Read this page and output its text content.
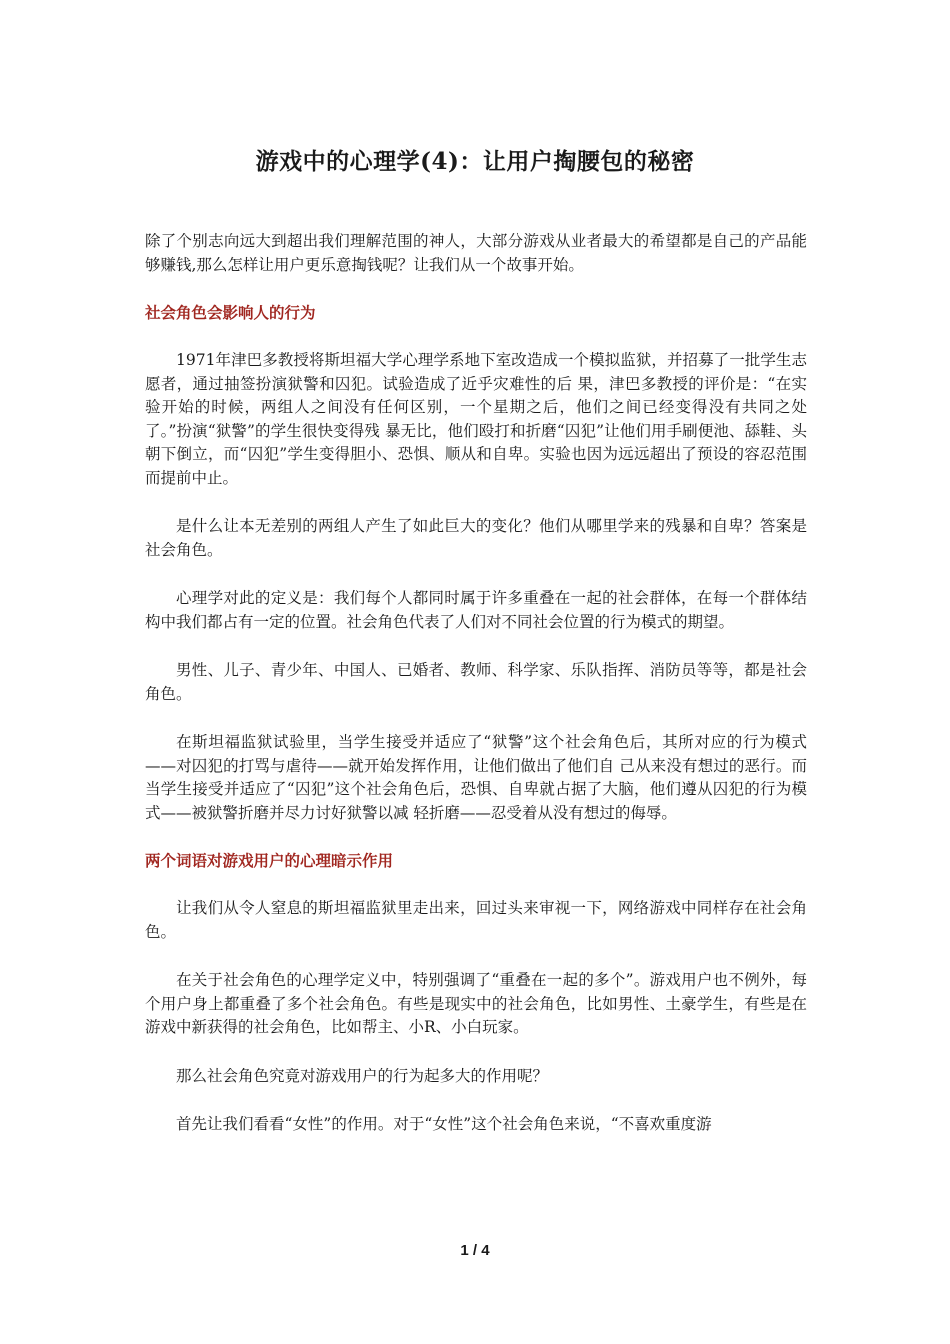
游戏中的心理学(4)：让用户掏腰包的秘密

除了个别志向远大到超出我们理解范围的神人，大部分游戏从业者最大的希望都是自己的产品能够赚钱,那么怎样让用户更乐意掏钱呢？让我们从一个故事开始。

社会角色会影响人的行为

1971年津巴多教授将斯坦福大学心理学系地下室改造成一个模拟监狱，并招募了一批学生志愿者，通过抽签扮演狱警和囚犯。试验造成了近乎灾难性的后 果，津巴多教授的评价是：“在实验开始的时候，两组人之间没有任何区别，一个星期之后，他们之间已经变得没有共同之处了。”扮演“狱警”的学生很快变得残 暴无比，他们殴打和折磨“囚犯”让他们用手刷便池、舔鞋、头朝下倒立，而“囚犯”学生变得胆小、恐惧、顺从和自卑。实验也因为远远超出了预设的容忍范围 而提前中止。

是什么让本无差别的两组人产生了如此巨大的变化？他们从哪里学来的残暴和自卑？答案是社会角色。

心理学对此的定义是：我们每个人都同时属于许多重叠在一起的社会群体，在每一个群体结构中我们都占有一定的位置。社会角色代表了人们对不同社会位置的行为模式的期望。

男性、儿子、青少年、中国人、已婚者、教师、科学家、乐队指挥、消防员等等，都是社会角色。

在斯坦福监狱试验里，当学生接受并适应了“狱警”这个社会角色后，其所对应的行为模式——对囚犯的打骂与虐待——就开始发挥作用，让他们做出了他们自 己从来没有想过的恶行。而当学生接受并适应了“囚犯”这个社会角色后，恐惧、自卑就占据了大脑，他们遵从囚犯的行为模式——被狱警折磨并尽力讨好狱警以减 轻折磨——忍受着从没有想过的侮辱。

两个词语对游戏用户的心理暗示作用

让我们从令人窒息的斯坦福监狱里走出来，回过头来审视一下，网络游戏中同样存在社会角色。

在关于社会角色的心理学定义中，特别强调了“重叠在一起的多个”。游戏用户也不例外，每个用户身上都重叠了多个社会角色。有些是现实中的社会角色，比如男性、土豪学生，有些是在游戏中新获得的社会角色，比如帮主、小R、小白玩家。

那么社会角色究竟对游戏用户的行为起多大的作用呢？

首先让我们看看“女性”的作用。对于“女性”这个社会角色来说，“不喜欢重度游

1 / 4
